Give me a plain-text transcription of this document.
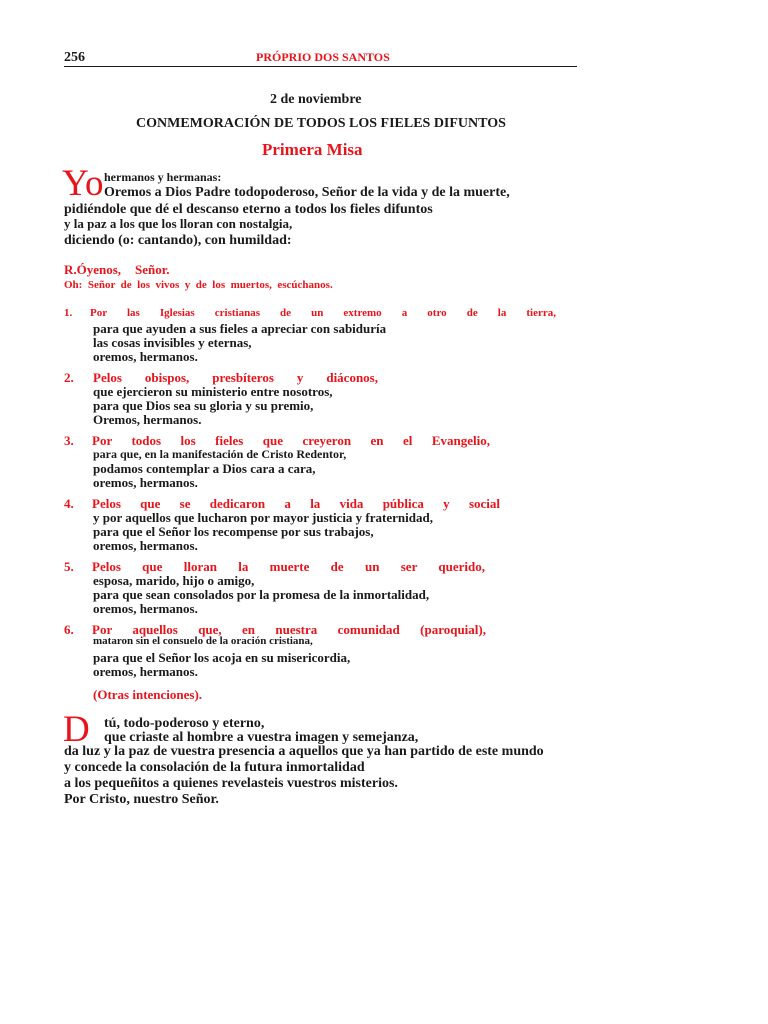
256	PRÓPRIO DOS SANTOS
2 de noviembre
CONMEMORACIÓN DE TODOS LOS FIELES DIFUNTOS
Primera Misa
Yo hermanos y hermanas:
Oremos a Dios Padre todopoderoso, Señor de la vida y de la muerte,
pidiéndole que dé el descanso eterno a todos los fieles difuntos
y la paz a los que los lloran con nostalgia,
diciendo (o: cantando), con humildad:
R.Óyenos, Señor.
Oh:  Señor  de  los  vivos  y  de  los  muertos,  escúchanos.
1. Por las Iglesias cristianas de un extremo a otro de la tierra,
para que ayuden a sus fieles a apreciar con sabiduría
las cosas invisibles y eternas,
oremos, hermanos.
2. Pelos obispos, presbíteros y diáconos,
que ejercieron su ministerio entre nosotros,
para que Dios sea su gloria y su premio,
Oremos, hermanos.
3. Por todos los fieles que creyeron en el Evangelio,
para que, en la manifestación de Cristo Redentor,
podamos contemplar a Dios cara a cara,
oremos, hermanos.
4. Pelos que se dedicaron a la vida pública y social
y por aquellos que lucharon por mayor justicia y fraternidad,
para que el Señor los recompense por sus trabajos,
oremos, hermanos.
5. Pelos que lloran la muerte de un ser querido,
esposa, marido, hijo o amigo,
para que sean consolados por la promesa de la inmortalidad,
oremos, hermanos.
6. Por aquellos que, en nuestra comunidad (paroquial),
mataron sin el consuelo de la oración cristiana,
para que el Señor los acoja en su misericordia,
oremos, hermanos.
(Otras intenciones).
D tú, todo-poderoso y eterno,
que criaste al hombre a vuestra imagen y semejanza,
da luz y la paz de vuestra presencia a aquellos que ya han partido de este mundo
y concede la consolación de la futura inmortalidad
a los pequeñitos a quienes revelasteis vuestros misterios.
Por Cristo, nuestro Señor.
